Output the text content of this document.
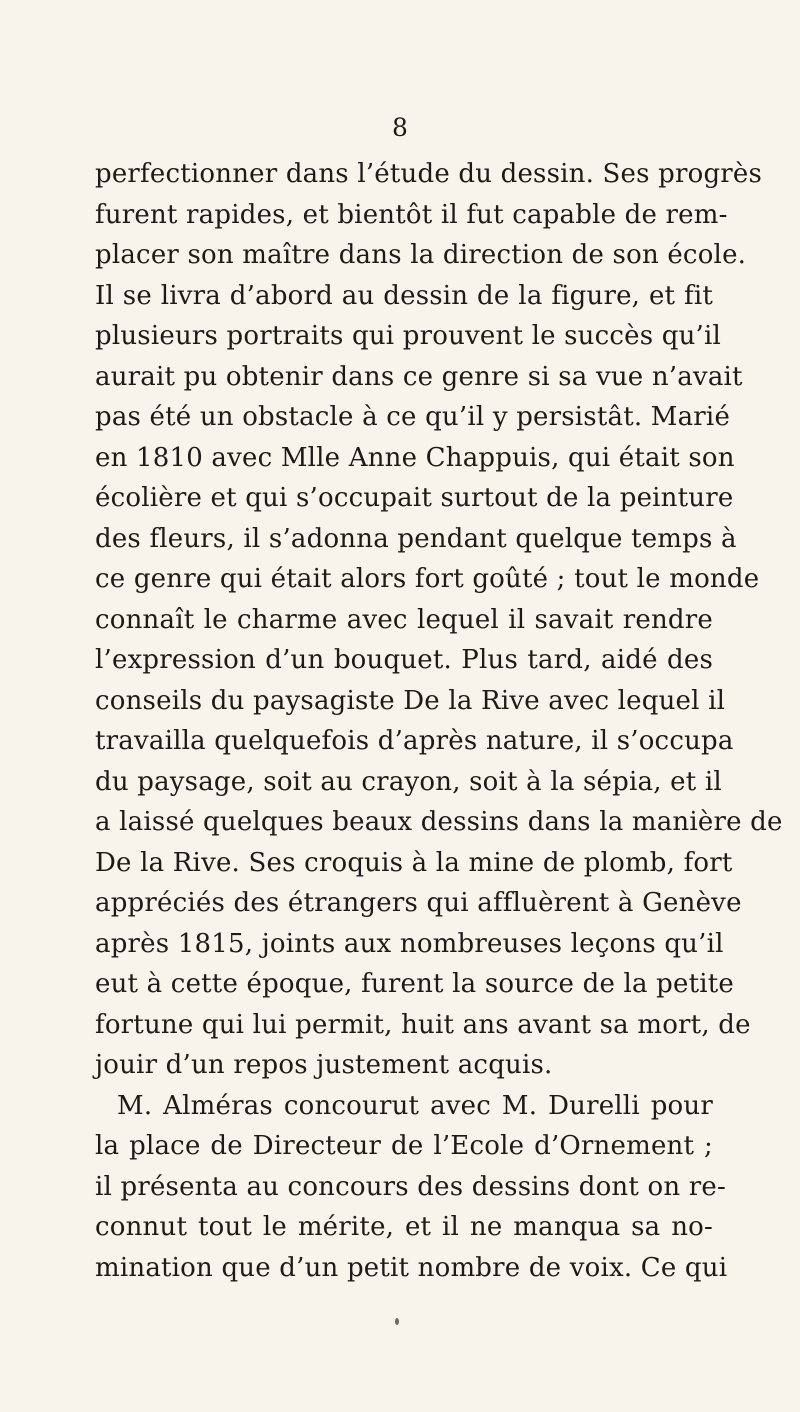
8
perfectionner dans l’étude du dessin. Ses progrès
furent rapides, et bientôt il fut capable de rem-
placer son maître dans la direction de son école.
Il se livra d’abord au dessin de la figure, et fit
plusieurs portraits qui prouvent le succès qu’il
aurait pu obtenir dans ce genre si sa vue n’avait
pas été un obstacle à ce qu’il y persistât. Marié
en 1810 avec Mlle Anne Chappuis, qui était son
écolière et qui s’occupait surtout de la peinture
des fleurs, il s’adonna pendant quelque temps à
ce genre qui était alors fort goûté ; tout le monde
connaît le charme avec lequel il savait rendre
l’expression d’un bouquet. Plus tard, aidé des
conseils du paysagiste De la Rive avec lequel il
travailla quelquefois d’après nature, il s’occupa
du paysage, soit au crayon, soit à la sépia, et il
a laissé quelques beaux dessins dans la manière de
De la Rive. Ses croquis à la mine de plomb, fort
appréciés des étrangers qui affluèrent à Genève
après 1815, joints aux nombreuses leçons qu’il
eut à cette époque, furent la source de la petite
fortune qui lui permit, huit ans avant sa mort, de
jouir d’un repos justement acquis.
M. Alméras concourut avec M. Durelli pour
la place de Directeur de l’Ecole d’Ornement ;
il présenta au concours des dessins dont on re-
connut tout le mérite, et il ne manqua sa no-
mination que d’un petit nombre de voix. Ce qui
